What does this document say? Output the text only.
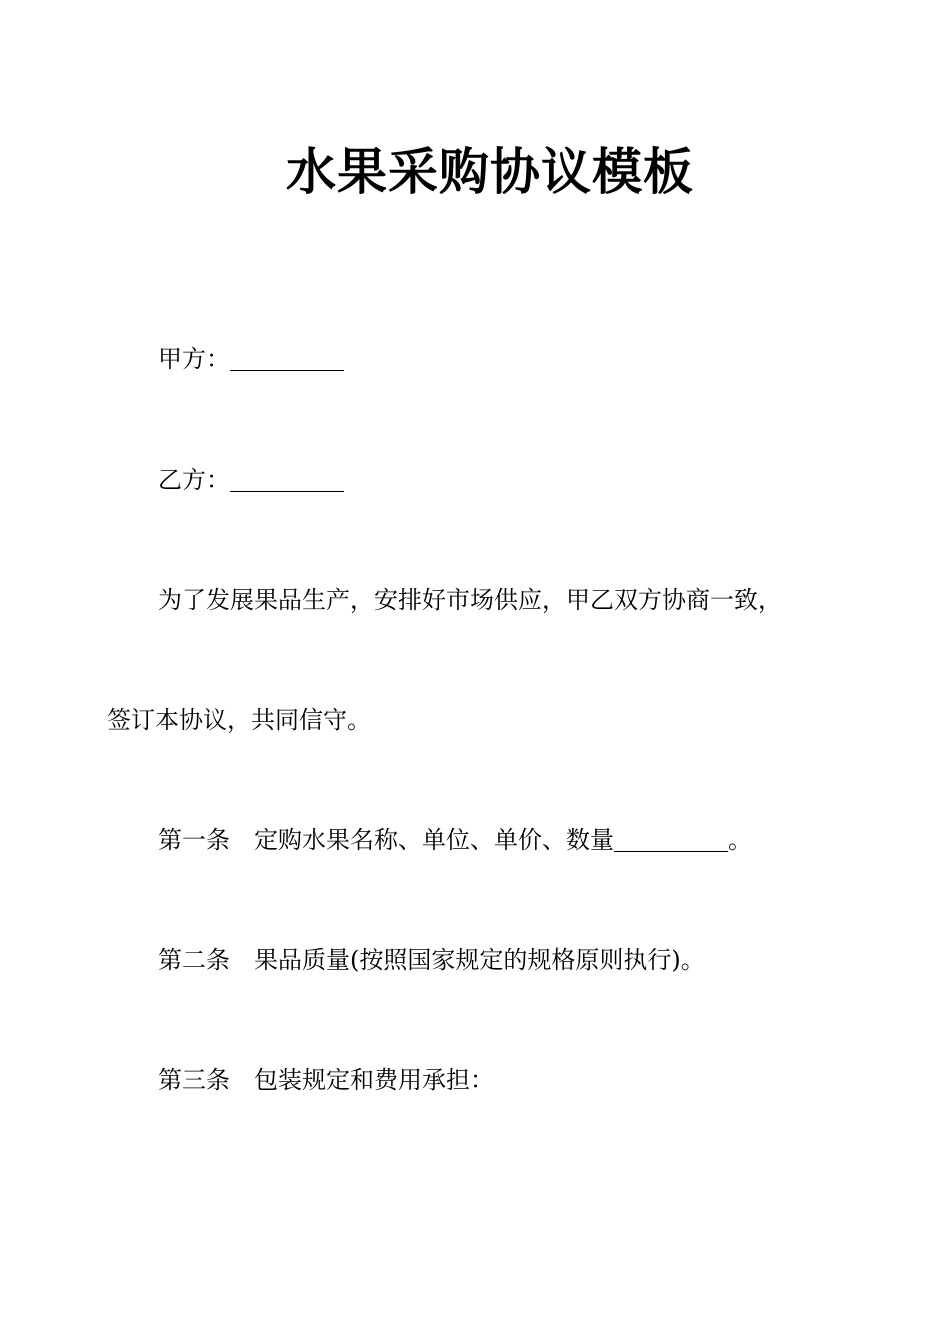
水果采购协议模板

甲方：

乙方：

为了发展果品生产，安排好市场供应，甲乙双方协商一致，

签订本协议，共同信守。

第一条 定购水果名称、单位、单价、数量	。

第二条 果品质量(按照国家规定的规格原则执行)。

第三条 包装规定和费用承担：
